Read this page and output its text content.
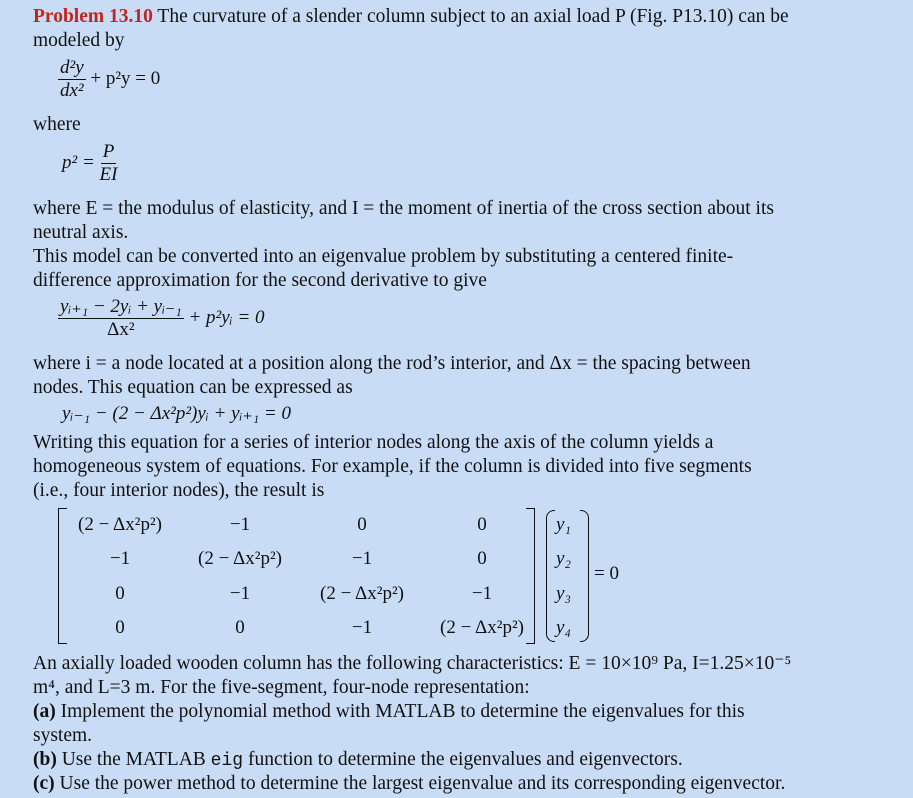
Problem 13.10 The curvature of a slender column subject to an axial load P (Fig. P13.10) can be
modeled by
$\frac{\text{d²y}}{\text{dx²}} + p^2y = 0$
where
$p^2 = \frac{P}{EI}$
where E = the modulus of elasticity, and I = the moment of inertia of the cross section about its
neutral axis.
This model can be converted into an eigenvalue problem by substituting a centered finite-
difference approximation for the second derivative to give
$\frac{\text{yᵢ₊₁ − 2yᵢ + yᵢ₋₁}}{\text{Δx²}}$ + p²yᵢ = 0
where i = a node located at a position along the rod’s interior, and Δx = the spacing between
nodes. This equation can be expressed as
yᵢ₋₁ − (2 − Δx²p²)yᵢ + yᵢ₊₁ = 0
Writing this equation for a series of interior nodes along the axis of the column yields a
homogeneous system of equations. For example, if the column is divided into five segments
(i.e., four interior nodes), the result is
(2 − Δx²p²)	−1	0	0
−1	(2 − Δx²p²)	−1	0
0	−1	(2 − Δx²p²)	−1
0	0	−1	(2 − Δx²p²)
y₁
y₂
y₃
y₄
= 0
An axially loaded wooden column has the following characteristics: E = 10×10⁹ Pa, I=1.25×10⁻⁵
m⁴, and L=3 m. For the five-segment, four-node representation:
(a) Implement the polynomial method with MATLAB to determine the eigenvalues for this
system.
(b) Use the MATLAB eig function to determine the eigenvalues and eigenvectors.
(c) Use the power method to determine the largest eigenvalue and its corresponding eigenvector.
